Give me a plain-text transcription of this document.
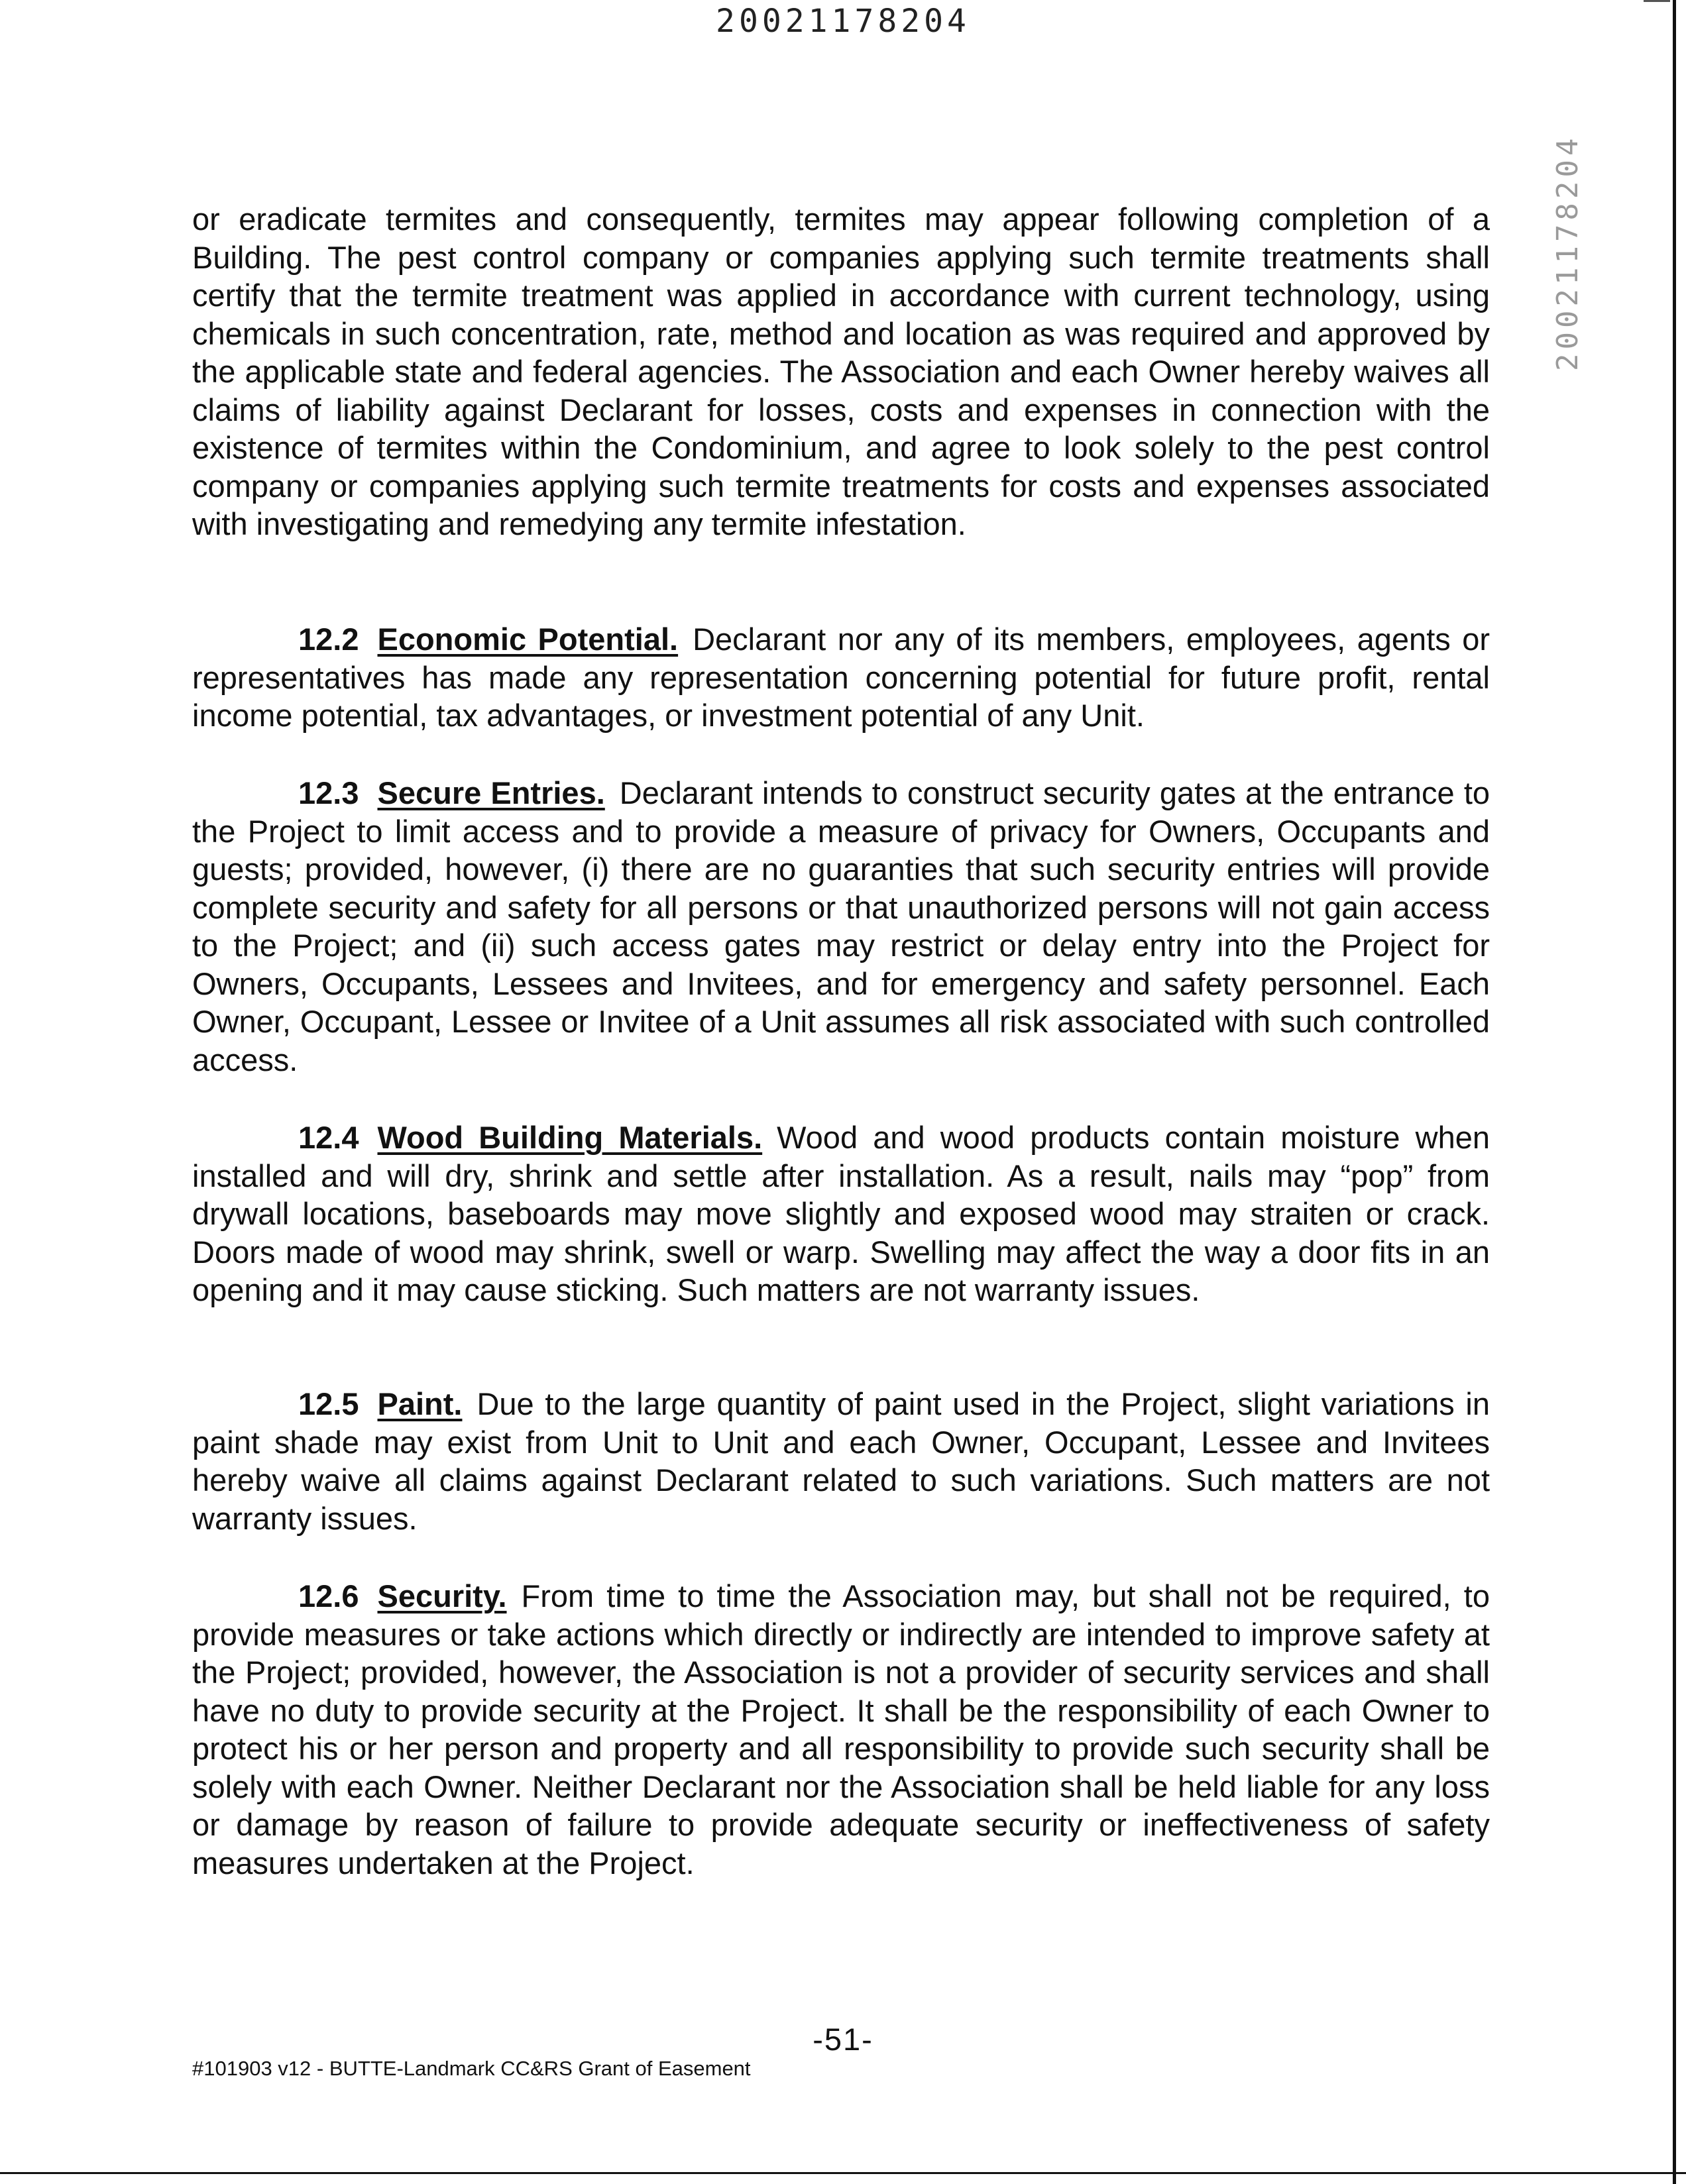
20021178204
20021178204

or eradicate termites and consequently, termites may appear following completion of a Building. The pest control company or companies applying such termite treatments shall certify that the termite treatment was applied in accordance with current technology, using chemicals in such concentration, rate, method and location as was required and approved by the applicable state and federal agencies. The Association and each Owner hereby waives all claims of liability against Declarant for losses, costs and expenses in connection with the existence of termites within the Condominium, and agree to look solely to the pest control company or companies applying such termite treatments for costs and expenses associated with investigating and remedying any termite infestation.

12.2 Economic Potential. Declarant nor any of its members, employees, agents or representatives has made any representation concerning potential for future profit, rental income potential, tax advantages, or investment potential of any Unit.

12.3 Secure Entries. Declarant intends to construct security gates at the entrance to the Project to limit access and to provide a measure of privacy for Owners, Occupants and guests; provided, however, (i) there are no guaranties that such security entries will provide complete security and safety for all persons or that unauthorized persons will not gain access to the Project; and (ii) such access gates may restrict or delay entry into the Project for Owners, Occupants, Lessees and Invitees, and for emergency and safety personnel. Each Owner, Occupant, Lessee or Invitee of a Unit assumes all risk associated with such controlled access.

12.4 Wood Building Materials. Wood and wood products contain moisture when installed and will dry, shrink and settle after installation. As a result, nails may “pop” from drywall locations, baseboards may move slightly and exposed wood may straiten or crack. Doors made of wood may shrink, swell or warp. Swelling may affect the way a door fits in an opening and it may cause sticking. Such matters are not warranty issues.

12.5 Paint. Due to the large quantity of paint used in the Project, slight variations in paint shade may exist from Unit to Unit and each Owner, Occupant, Lessee and Invitees hereby waive all claims against Declarant related to such variations. Such matters are not warranty issues.

12.6 Security. From time to time the Association may, but shall not be required, to provide measures or take actions which directly or indirectly are intended to improve safety at the Project; provided, however, the Association is not a provider of security services and shall have no duty to provide security at the Project. It shall be the responsibility of each Owner to protect his or her person and property and all responsibility to provide such security shall be solely with each Owner. Neither Declarant nor the Association shall be held liable for any loss or damage by reason of failure to provide adequate security or ineffectiveness of safety measures undertaken at the Project.

-51-
#101903 v12 - BUTTE-Landmark CC&RS Grant of Easement
